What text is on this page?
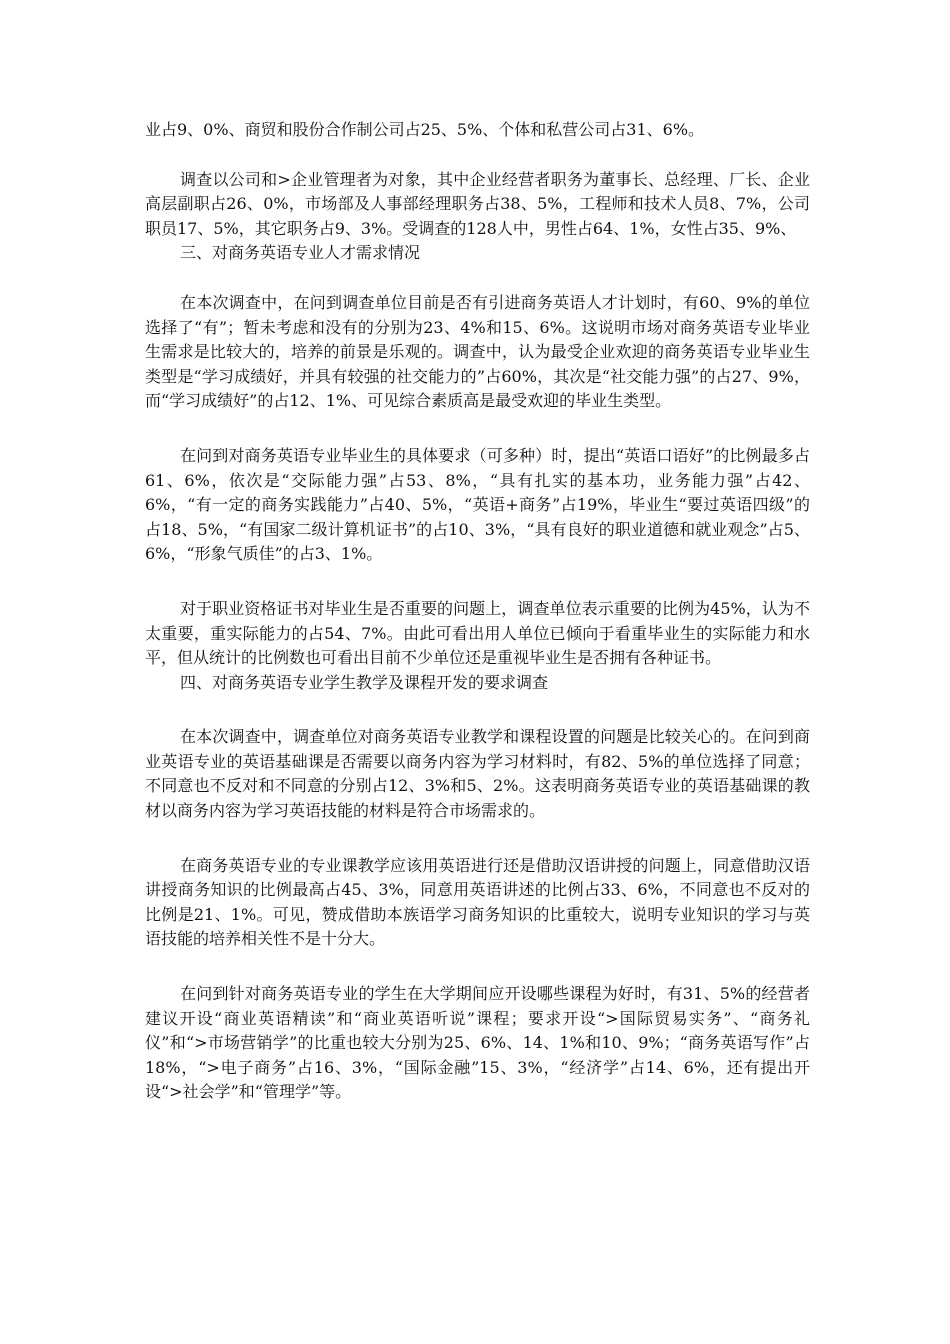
业占9、0%、商贸和股份合作制公司占25、5%、个体和私营公司占31、6%。

调查以公司和>企业管理者为对象，其中企业经营者职务为董事长、总经理、厂长、企业高层副职占26、0%，市场部及人事部经理职务占38、5%，工程师和技术人员8、7%，公司职员17、5%，其它职务占9、3%。受调查的128人中，男性占64、1%，女性占35、9%、

三、对商务英语专业人才需求情况

在本次调查中，在问到调查单位目前是否有引进商务英语人才计划时，有60、9%的单位选择了“有”；暂未考虑和没有的分别为23、4%和15、6%。这说明市场对商务英语专业毕业生需求是比较大的，培养的前景是乐观的。调查中，认为最受企业欢迎的商务英语专业毕业生类型是“学习成绩好，并具有较强的社交能力的”占60%，其次是“社交能力强”的占27、9%，而“学习成绩好”的占12、1%、可见综合素质高是最受欢迎的毕业生类型。

在问到对商务英语专业毕业生的具体要求（可多种）时，提出“英语口语好”的比例最多占61、6%，依次是“交际能力强”占53、8%，“具有扎实的基本功，业务能力强”占42、6%，“有一定的商务实践能力”占40、5%，“英语+商务”占19%，毕业生“要过英语四级”的占18、5%，“有国家二级计算机证书”的占10、3%，“具有良好的职业道德和就业观念”占5、6%，“形象气质佳”的占3、1%。

对于职业资格证书对毕业生是否重要的问题上，调查单位表示重要的比例为45%，认为不太重要，重实际能力的占54、7%。由此可看出用人单位已倾向于看重毕业生的实际能力和水平，但从统计的比例数也可看出目前不少单位还是重视毕业生是否拥有各种证书。

四、对商务英语专业学生教学及课程开发的要求调查

在本次调查中，调查单位对商务英语专业教学和课程设置的问题是比较关心的。在问到商业英语专业的英语基础课是否需要以商务内容为学习材料时，有82、5%的单位选择了同意；不同意也不反对和不同意的分别占12、3%和5、2%。这表明商务英语专业的英语基础课的教材以商务内容为学习英语技能的材料是符合市场需求的。

在商务英语专业的专业课教学应该用英语进行还是借助汉语讲授的问题上，同意借助汉语讲授商务知识的比例最高占45、3%，同意用英语讲述的比例占33、6%，不同意也不反对的比例是21、1%。可见，赞成借助本族语学习商务知识的比重较大，说明专业知识的学习与英语技能的培养相关性不是十分大。

在问到针对商务英语专业的学生在大学期间应开设哪些课程为好时，有31、5%的经营者建议开设“商业英语精读”和“商业英语听说”课程；要求开设“>国际贸易实务”、“商务礼仪”和“>市场营销学”的比重也较大分别为25、6%、14、1%和10、9%；“商务英语写作”占18%，“>电子商务”占16、3%，“国际金融”15、3%，“经济学”占14、6%，还有提出开设“>社会学”和“管理学”等。
